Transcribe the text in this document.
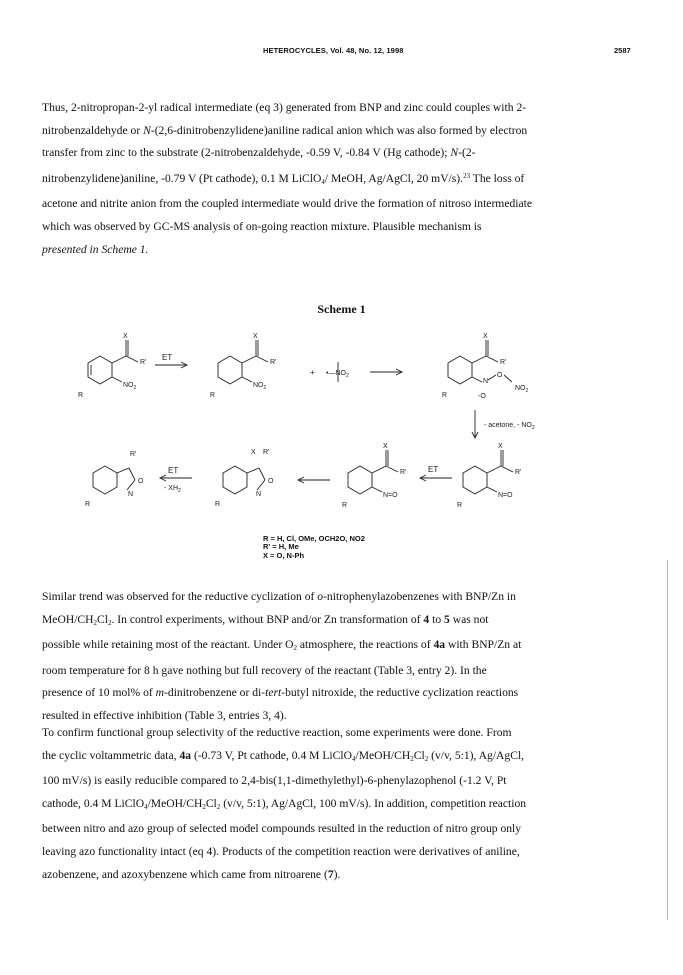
HETEROCYCLES, Vol. 48, No. 12, 1998	2587
Thus, 2-nitropropan-2-yl radical intermediate (eq 3) generated from BNP and zinc could couples with 2-
nitrobenzaldehyde or N-(2,6-dinitrobenzylidene)aniline radical anion which was also formed by electron
transfer from zinc to the substrate (2-nitrobenzaldehyde, -0.59 V, -0.84 V (Hg cathode); N-(2-
nitrobenzylidene)aniline, -0.79 V (Pt cathode), 0.1 M LiClO$_4$/ MeOH, Ag/AgCl, 20 mV/s).$^{23}$ The loss of
acetone and nitrite anion from the coupled intermediate would drive the formation of nitroso intermediate
which was observed by GC-MS analysis of on-going reaction mixture. Plausible mechanism is
presented in Scheme 1.
Scheme 1
X
R'
$NO_2$
R
ET
X
R'
$NO_2$
R
+ $•—NO_2$
X
R'
N
O
-O
$NO_2$
R
- acetone, - $NO_2$
R'
O
N
R
ET
- $XH_2$
X R'
O
N
R
X
R'
N=O
R
ET
X
R'
N=O
R
R = H, Cl, OMe, OCH2O, NO2
R' = H, Me
X = O, N-Ph
Similar trend was observed for the reductive cyclization of o-nitrophenylazobenzenes with BNP/Zn in
MeOH/$CH_2Cl_2$. In control experiments, without BNP and/or Zn transformation of 4 to 5 was not
possible while retaining most of the reactant. Under $O_2$ atmosphere, the reactions of 4a with BNP/Zn at
room temperature for 8 h gave nothing but full recovery of the reactant (Table 3, entry 2). In the
presence of 10 mol% of m-dinitrobenzene or di-tert-butyl nitroxide, the reductive cyclization reactions
resulted in effective inhibition (Table 3, entries 3, 4).
To confirm functional group selectivity of the reductive reaction, some experiments were done. From
the cyclic voltammetric data, 4a (-0.73 V, Pt cathode, 0.4 M $LiClO_4/MeOH/CH_2Cl_2$ (v/v, 5:1), Ag/AgCl,
100 mV/s) is easily reducible compared to 2,4-bis(1,1-dimethylethyl)-6-phenylazophenol (-1.2 V, Pt
cathode, 0.4 M $LiClO_4/MeOH/CH_2Cl_2$ (v/v, 5:1), Ag/AgCl, 100 mV/s). In addition, competition reaction
between nitro and azo group of selected model compounds resulted in the reduction of nitro group only
leaving azo functionality intact (eq 4). Products of the competition reaction were derivatives of aniline,
azobenzene, and azoxybenzene which came from nitroarene (7).
